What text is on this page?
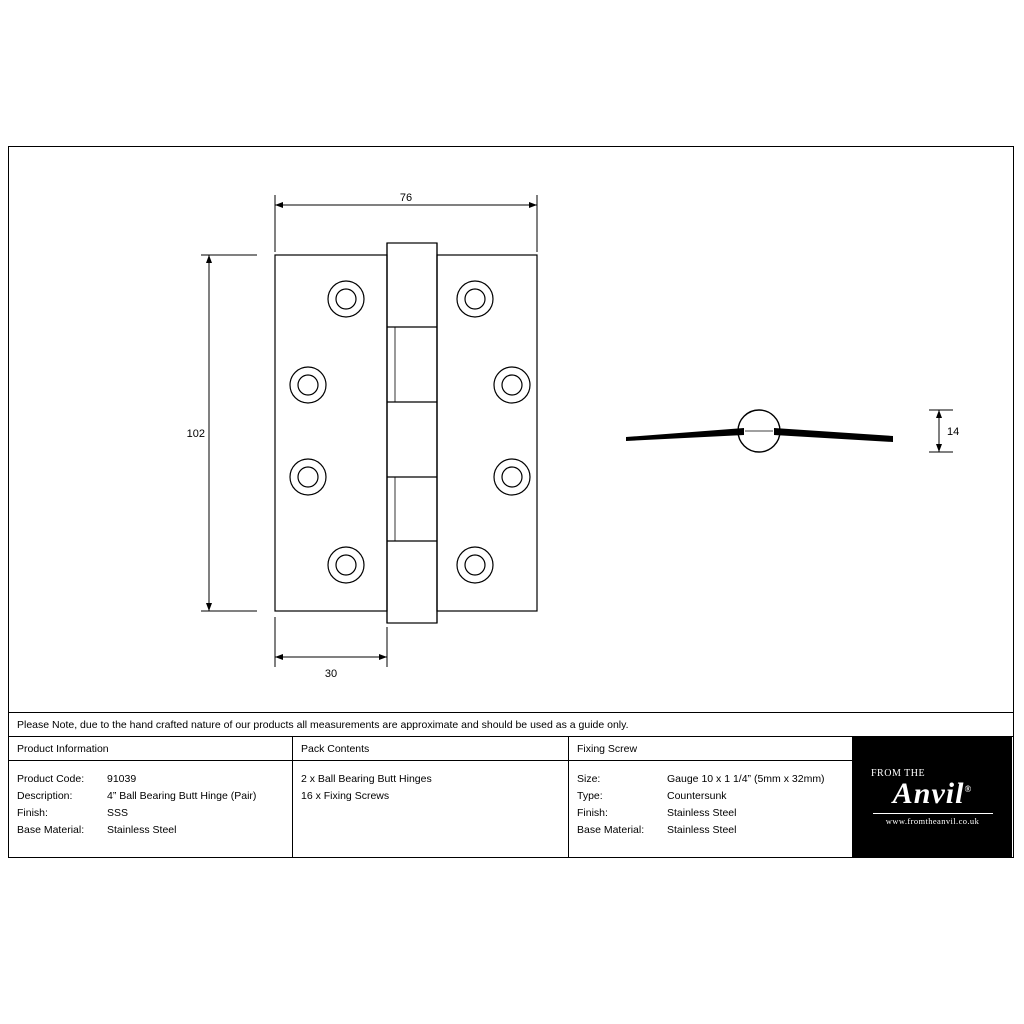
76
102
30
14
Please Note, due to the hand crafted nature of our products all measurements are approximate and should be used as a guide only.
Product Information
Product Code:	91039
Description:	4” Ball Bearing Butt Hinge (Pair)
Finish:	SSS
Base Material:	Stainless Steel
Pack Contents
2 x Ball Bearing Butt Hinges
16 x Fixing Screws
Fixing Screw
Size:	Gauge 10 x 1 1/4” (5mm x 32mm)
Type:	Countersunk
Finish:	Stainless Steel
Base Material:	Stainless Steel
FROM THE
Anvil®
www.fromtheanvil.co.uk
